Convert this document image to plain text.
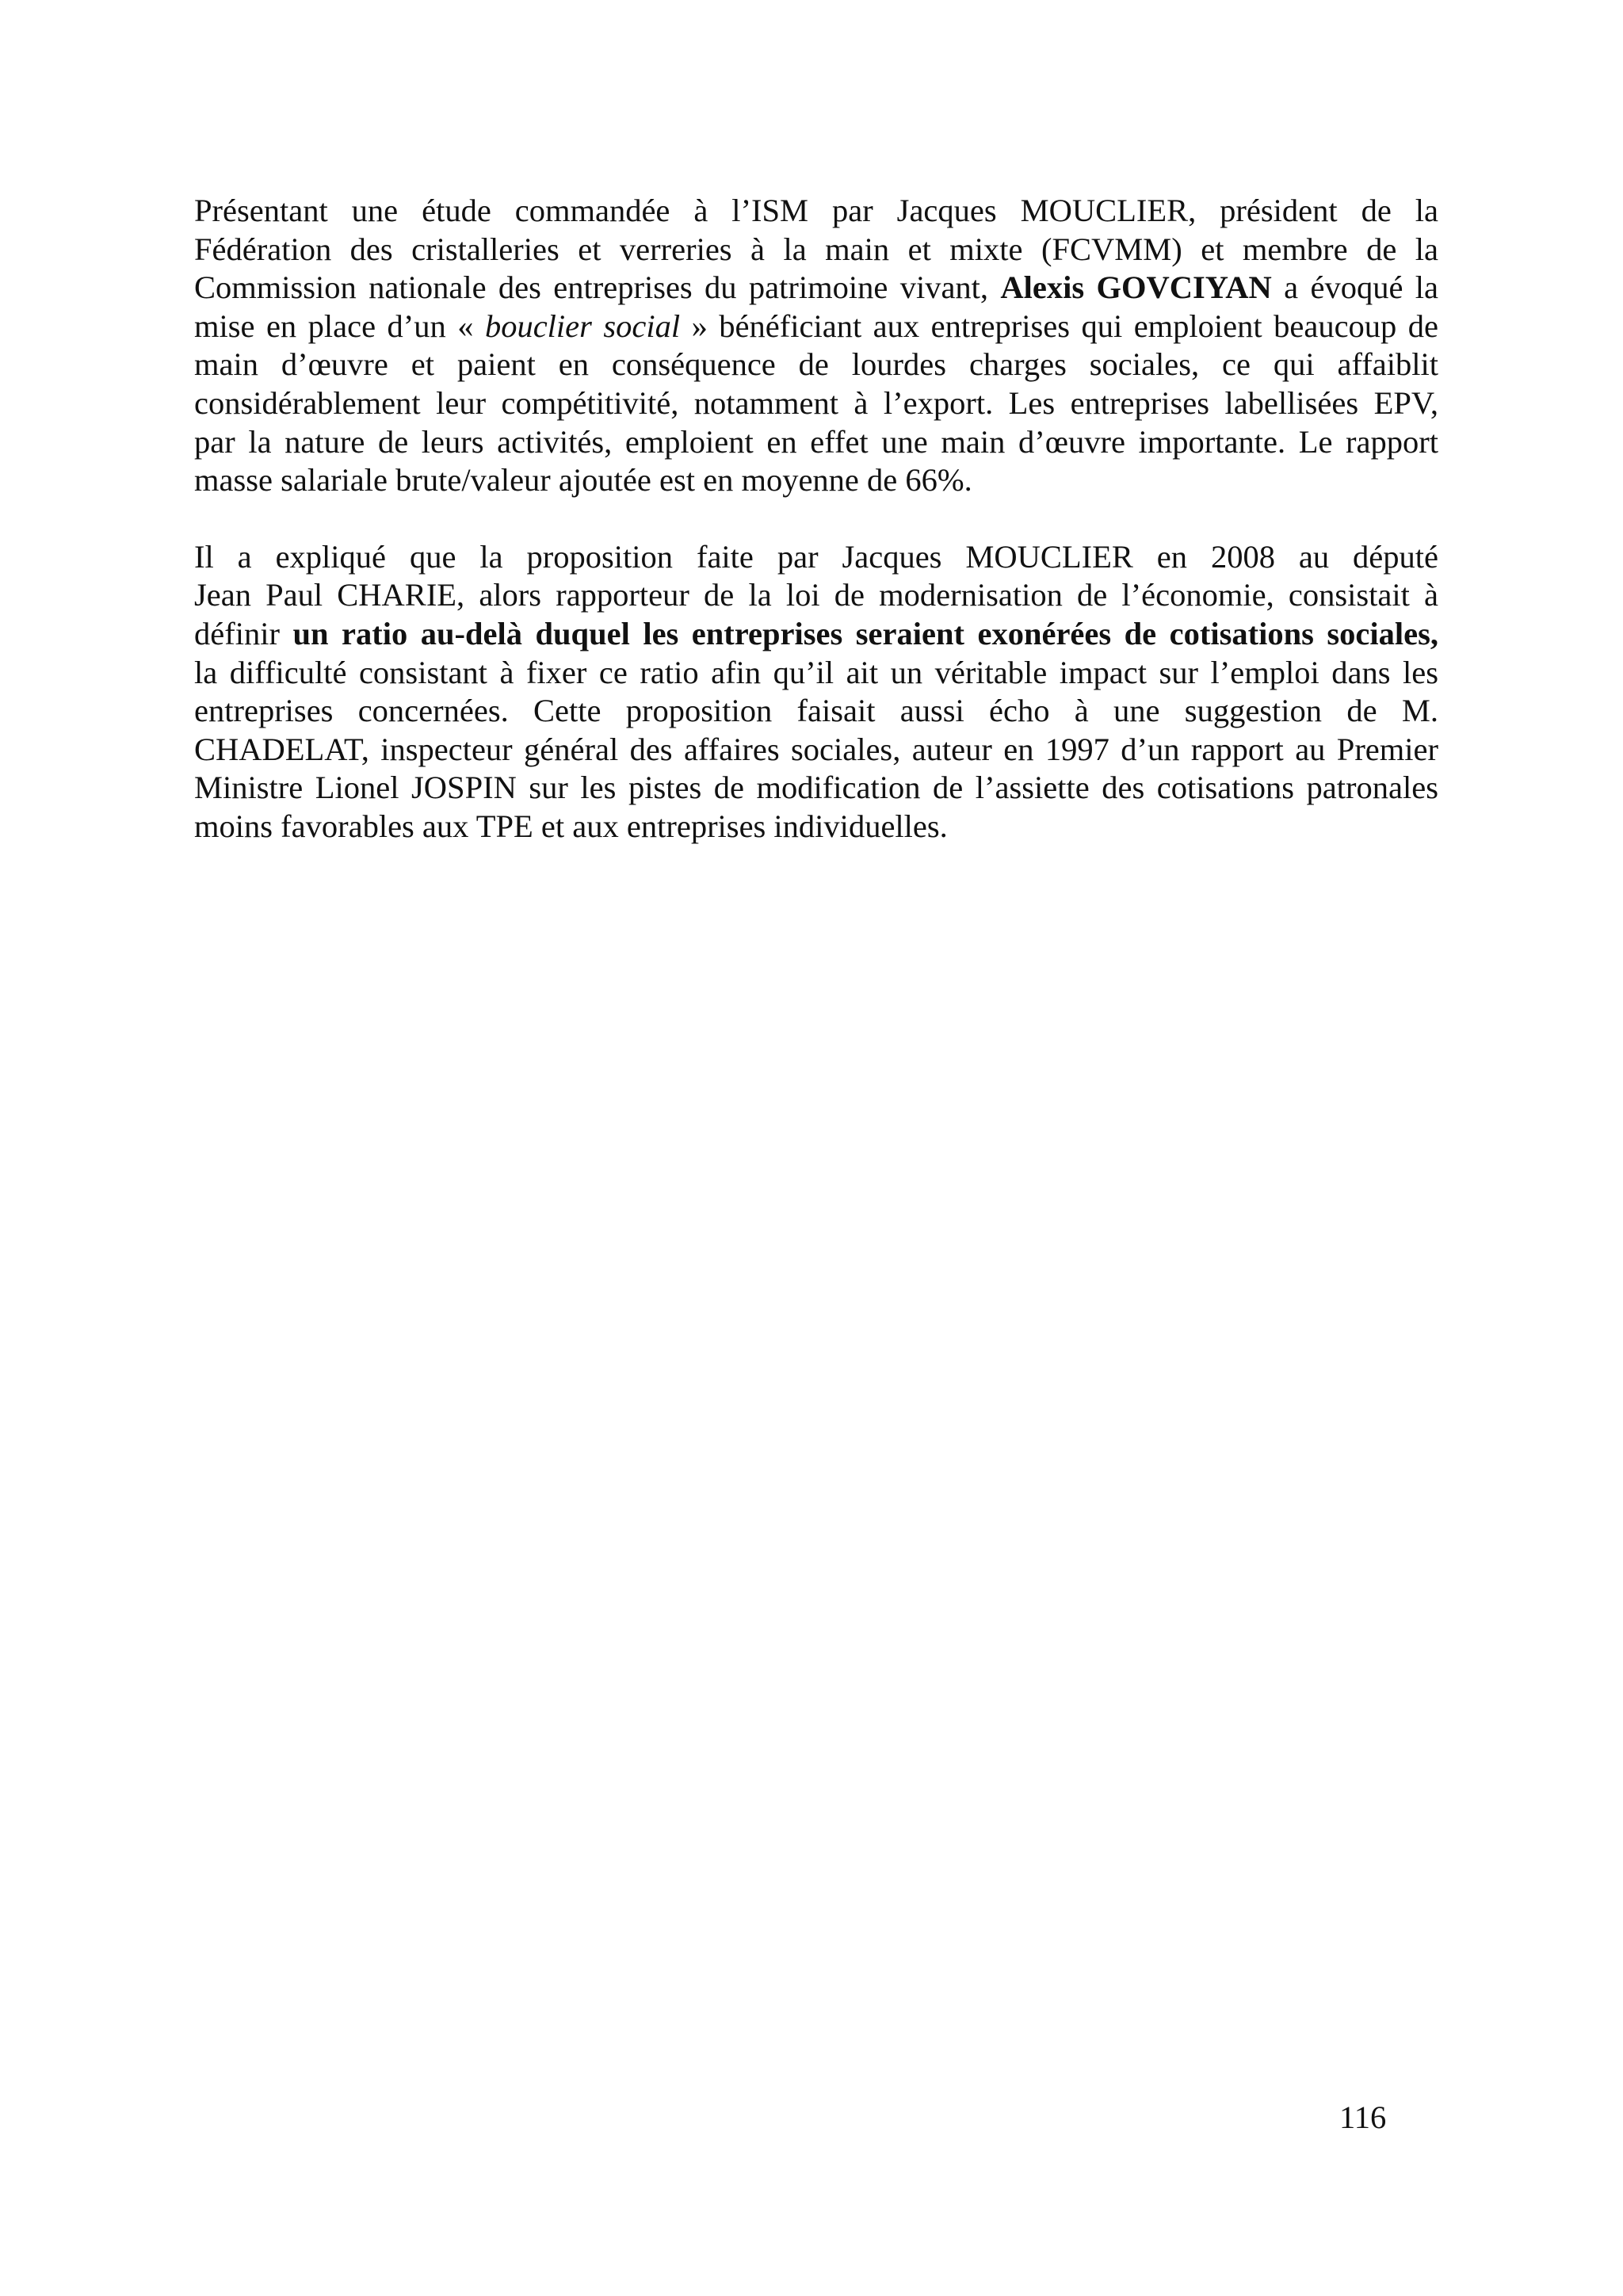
Présentant une étude commandée à l’ISM par Jacques MOUCLIER, président de la
Fédération des cristalleries et verreries à la main et mixte (FCVMM) et membre de la
Commission nationale des entreprises du patrimoine vivant, Alexis GOVCIYAN a évoqué la
mise en place d’un « bouclier social » bénéficiant aux entreprises qui emploient beaucoup de
main d’œuvre et paient en conséquence de lourdes charges sociales, ce qui affaiblit
considérablement leur compétitivité, notamment à l’export. Les entreprises labellisées EPV,
par la nature de leurs activités, emploient en effet une main d’œuvre importante. Le rapport
masse salariale brute/valeur ajoutée est en moyenne de 66%.
Il a expliqué que la proposition faite par Jacques MOUCLIER en 2008 au député
Jean Paul CHARIE, alors rapporteur de la loi de modernisation de l’économie, consistait à
définir un ratio au-delà duquel les entreprises seraient exonérées de cotisations sociales,
la difficulté consistant à fixer ce ratio afin qu’il ait un véritable impact sur l’emploi dans les
entreprises concernées. Cette proposition faisait aussi écho à une suggestion de M.
CHADELAT, inspecteur général des affaires sociales, auteur en 1997 d’un rapport au Premier
Ministre Lionel JOSPIN sur les pistes de modification de l’assiette des cotisations patronales
moins favorables aux TPE et aux entreprises individuelles.
116
